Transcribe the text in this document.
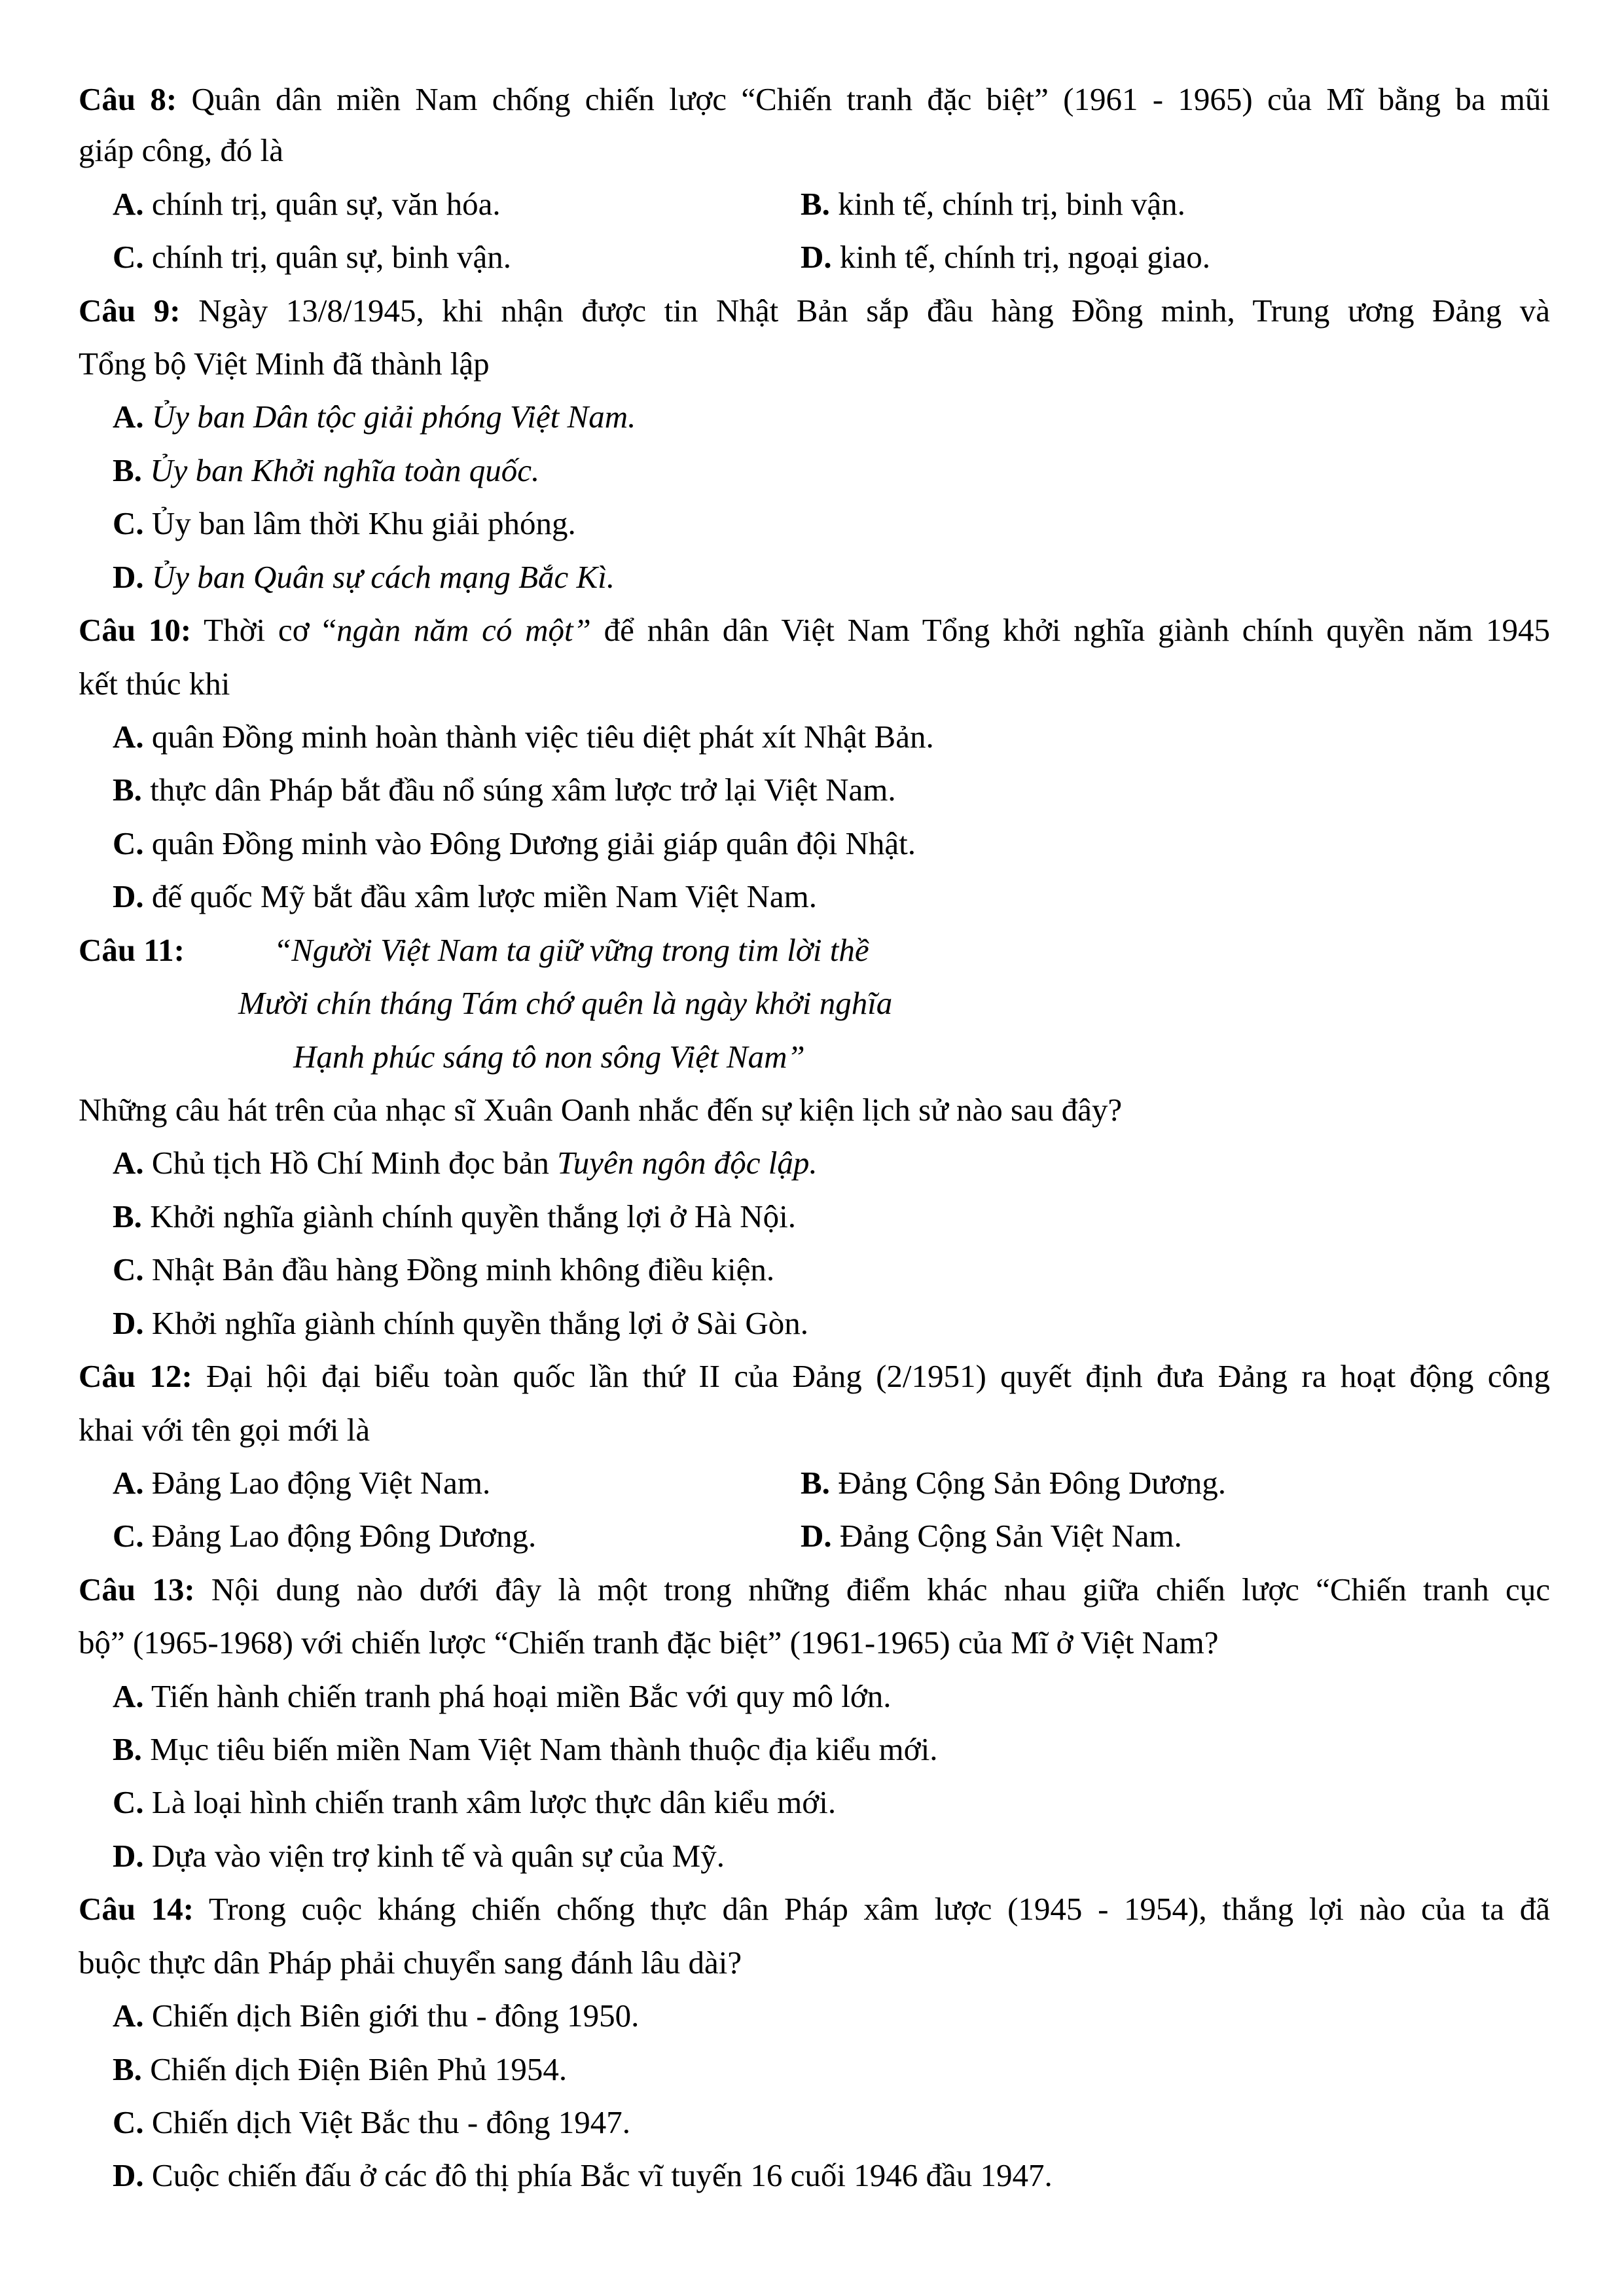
Câu 8: Quân dân miền Nam chống chiến lược “Chiến tranh đặc biệt” (1961 - 1965) của Mĩ bằng ba mũi
giáp công, đó là
A. chính trị, quân sự, văn hóa.	B. kinh tế, chính trị, binh vận.
C. chính trị, quân sự, binh vận.	D. kinh tế, chính trị, ngoại giao.
Câu 9: Ngày 13/8/1945, khi nhận được tin Nhật Bản sắp đầu hàng Đồng minh, Trung ương Đảng và
Tổng bộ Việt Minh đã thành lập
A. Ủy ban Dân tộc giải phóng Việt Nam.
B. Ủy ban Khởi nghĩa toàn quốc.
C. Ủy ban lâm thời Khu giải phóng.
D. Ủy ban Quân sự cách mạng Bắc Kì.
Câu 10: Thời cơ “ngàn năm có một” để nhân dân Việt Nam Tổng khởi nghĩa giành chính quyền năm 1945
kết thúc khi
A. quân Đồng minh hoàn thành việc tiêu diệt phát xít Nhật Bản.
B. thực dân Pháp bắt đầu nổ súng xâm lược trở lại Việt Nam.
C. quân Đồng minh vào Đông Dương giải giáp quân đội Nhật.
D. đế quốc Mỹ bắt đầu xâm lược miền Nam Việt Nam.
Câu 11:	“Người Việt Nam ta giữ vững trong tim lời thề
Mười chín tháng Tám chớ quên là ngày khởi nghĩa
Hạnh phúc sáng tô non sông Việt Nam”
Những câu hát trên của nhạc sĩ Xuân Oanh nhắc đến sự kiện lịch sử nào sau đây?
A. Chủ tịch Hồ Chí Minh đọc bản Tuyên ngôn độc lập.
B. Khởi nghĩa giành chính quyền thắng lợi ở Hà Nội.
C. Nhật Bản đầu hàng Đồng minh không điều kiện.
D. Khởi nghĩa giành chính quyền thắng lợi ở Sài Gòn.
Câu 12: Đại hội đại biểu toàn quốc lần thứ II của Đảng (2/1951) quyết định đưa Đảng ra hoạt động công
khai với tên gọi mới là
A. Đảng Lao động Việt Nam.	B. Đảng Cộng Sản Đông Dương.
C. Đảng Lao động Đông Dương.	D. Đảng Cộng Sản Việt Nam.
Câu 13: Nội dung nào dưới đây là một trong những điểm khác nhau giữa chiến lược “Chiến tranh cục
bộ” (1965-1968) với chiến lược “Chiến tranh đặc biệt” (1961-1965) của Mĩ ở Việt Nam?
A. Tiến hành chiến tranh phá hoại miền Bắc với quy mô lớn.
B. Mục tiêu biến miền Nam Việt Nam thành thuộc địa kiểu mới.
C. Là loại hình chiến tranh xâm lược thực dân kiểu mới.
D. Dựa vào viện trợ kinh tế và quân sự của Mỹ.
Câu 14: Trong cuộc kháng chiến chống thực dân Pháp xâm lược (1945 - 1954), thắng lợi nào của ta đã
buộc thực dân Pháp phải chuyển sang đánh lâu dài?
A. Chiến dịch Biên giới thu - đông 1950.
B. Chiến dịch Điện Biên Phủ 1954.
C. Chiến dịch Việt Bắc thu - đông 1947.
D. Cuộc chiến đấu ở các đô thị phía Bắc vĩ tuyến 16 cuối 1946 đầu 1947.
